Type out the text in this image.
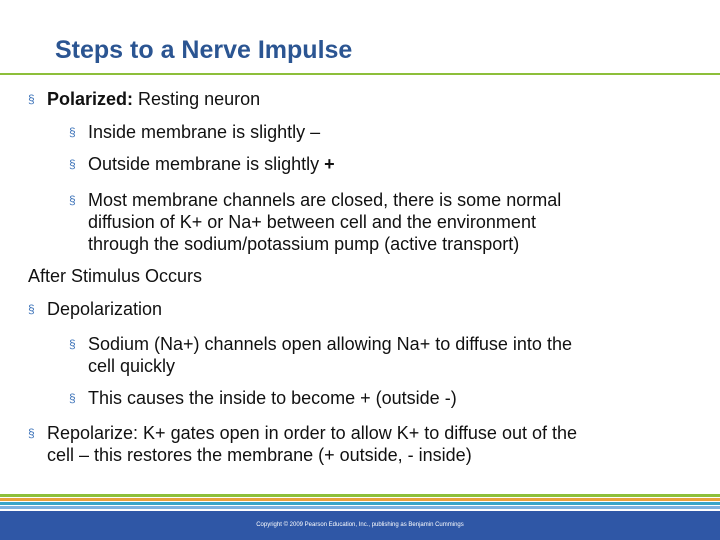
Steps to a Nerve Impulse
§ Polarized: Resting neuron
§ Inside membrane is slightly –
§ Outside membrane is slightly +
§ Most membrane channels are closed, there is some normal
diffusion of K+ or Na+ between cell and the environment
through the sodium/potassium pump (active transport)
After Stimulus Occurs
§ Depolarization
§ Sodium (Na+) channels open allowing Na+ to diffuse into the
cell quickly
§ This causes the inside to become + (outside -)
§ Repolarize: K+ gates open in order to allow K+ to diffuse out of the
cell – this restores the membrane (+ outside, - inside)
Copyright © 2009 Pearson Education, Inc., publishing as Benjamin Cummings
